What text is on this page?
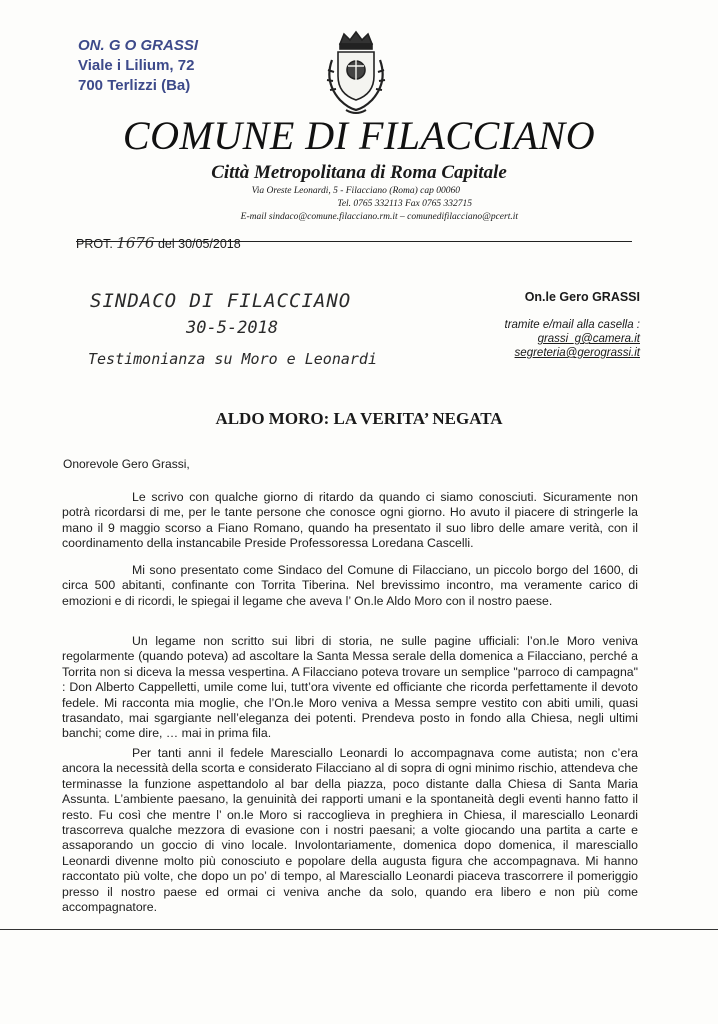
ON. G O GRASSI
Viale i Lilium, 72
700 Terlizzi (Ba)
COMUNE DI FILACCIANO
Città Metropolitana di Roma Capitale
Via Oreste Leonardi, 5 - Filacciano (Roma) cap 00060
Tel. 0765 332113 Fax 0765 332715
E-mail sindaco@comune.filacciano.rm.it – comunedifilacciano@pcert.it
PROT. 1676 del 30/05/2018
SINDACO DI FILACCIANO
30-5-2018
Testimonianza su Moro e Leonardi
On.le Gero GRASSI
tramite e/mail alla casella :
grassi_g@camera.it
segreteria@gerograssi.it
ALDO MORO: LA VERITA’ NEGATA
Onorevole Gero Grassi,

Le scrivo con qualche giorno di ritardo da quando ci siamo conosciuti. Sicuramente non potrà ricordarsi di me, per le tante persone che conosce ogni giorno. Ho avuto il piacere di stringerle la mano il 9 maggio scorso a Fiano Romano, quando ha presentato il suo libro delle amare verità, con il coordinamento della instancabile Preside Professoressa Loredana Cascelli.

Mi sono presentato come Sindaco del Comune di Filacciano, un piccolo borgo del 1600, di circa 500 abitanti, confinante con Torrita Tiberina. Nel brevissimo incontro, ma veramente carico di emozioni e di ricordi, le spiegai il legame che aveva l’ On.le Aldo Moro con il nostro paese.

Un legame non scritto sui libri di storia, ne sulle pagine ufficiali: l’on.le Moro veniva regolarmente (quando poteva) ad ascoltare la Santa Messa serale della domenica a Filacciano, perché a Torrita non si diceva la messa vespertina. A Filacciano poteva trovare un semplice "parroco di campagna" : Don Alberto Cappelletti, umile come lui, tutt’ora vivente ed officiante che ricorda perfettamente il devoto fedele. Mi racconta mia moglie, che l’On.le Moro veniva a Messa sempre vestito con abiti umili, quasi trasandato, mai sgargiante nell’eleganza dei potenti. Prendeva posto in fondo alla Chiesa, negli ultimi banchi; come dire, … mai in prima fila.

Per tanti anni il fedele Maresciallo Leonardi lo accompagnava come autista; non c’era ancora la necessità della scorta e considerato Filacciano al di sopra di ogni minimo rischio, attendeva che terminasse la funzione aspettandolo al bar della piazza, poco distante dalla Chiesa di Santa Maria Assunta. L’ambiente paesano, la genuinità dei rapporti umani e la spontaneità degli eventi hanno fatto il resto. Fu così che mentre l’ on.le Moro si raccoglieva in preghiera in Chiesa, il maresciallo Leonardi trascorreva qualche mezzora di evasione con i nostri paesani; a volte giocando una partita a carte e assaporando un goccio di vino locale. Involontariamente, domenica dopo domenica, il maresciallo Leonardi divenne molto più conosciuto e popolare della augusta figura che accompagnava. Mi hanno raccontato più volte, che dopo un po’ di tempo, al Maresciallo Leonardi piaceva trascorrere il pomeriggio presso il nostro paese ed ormai ci veniva anche da solo, quando era libero e non più come accompagnatore.
